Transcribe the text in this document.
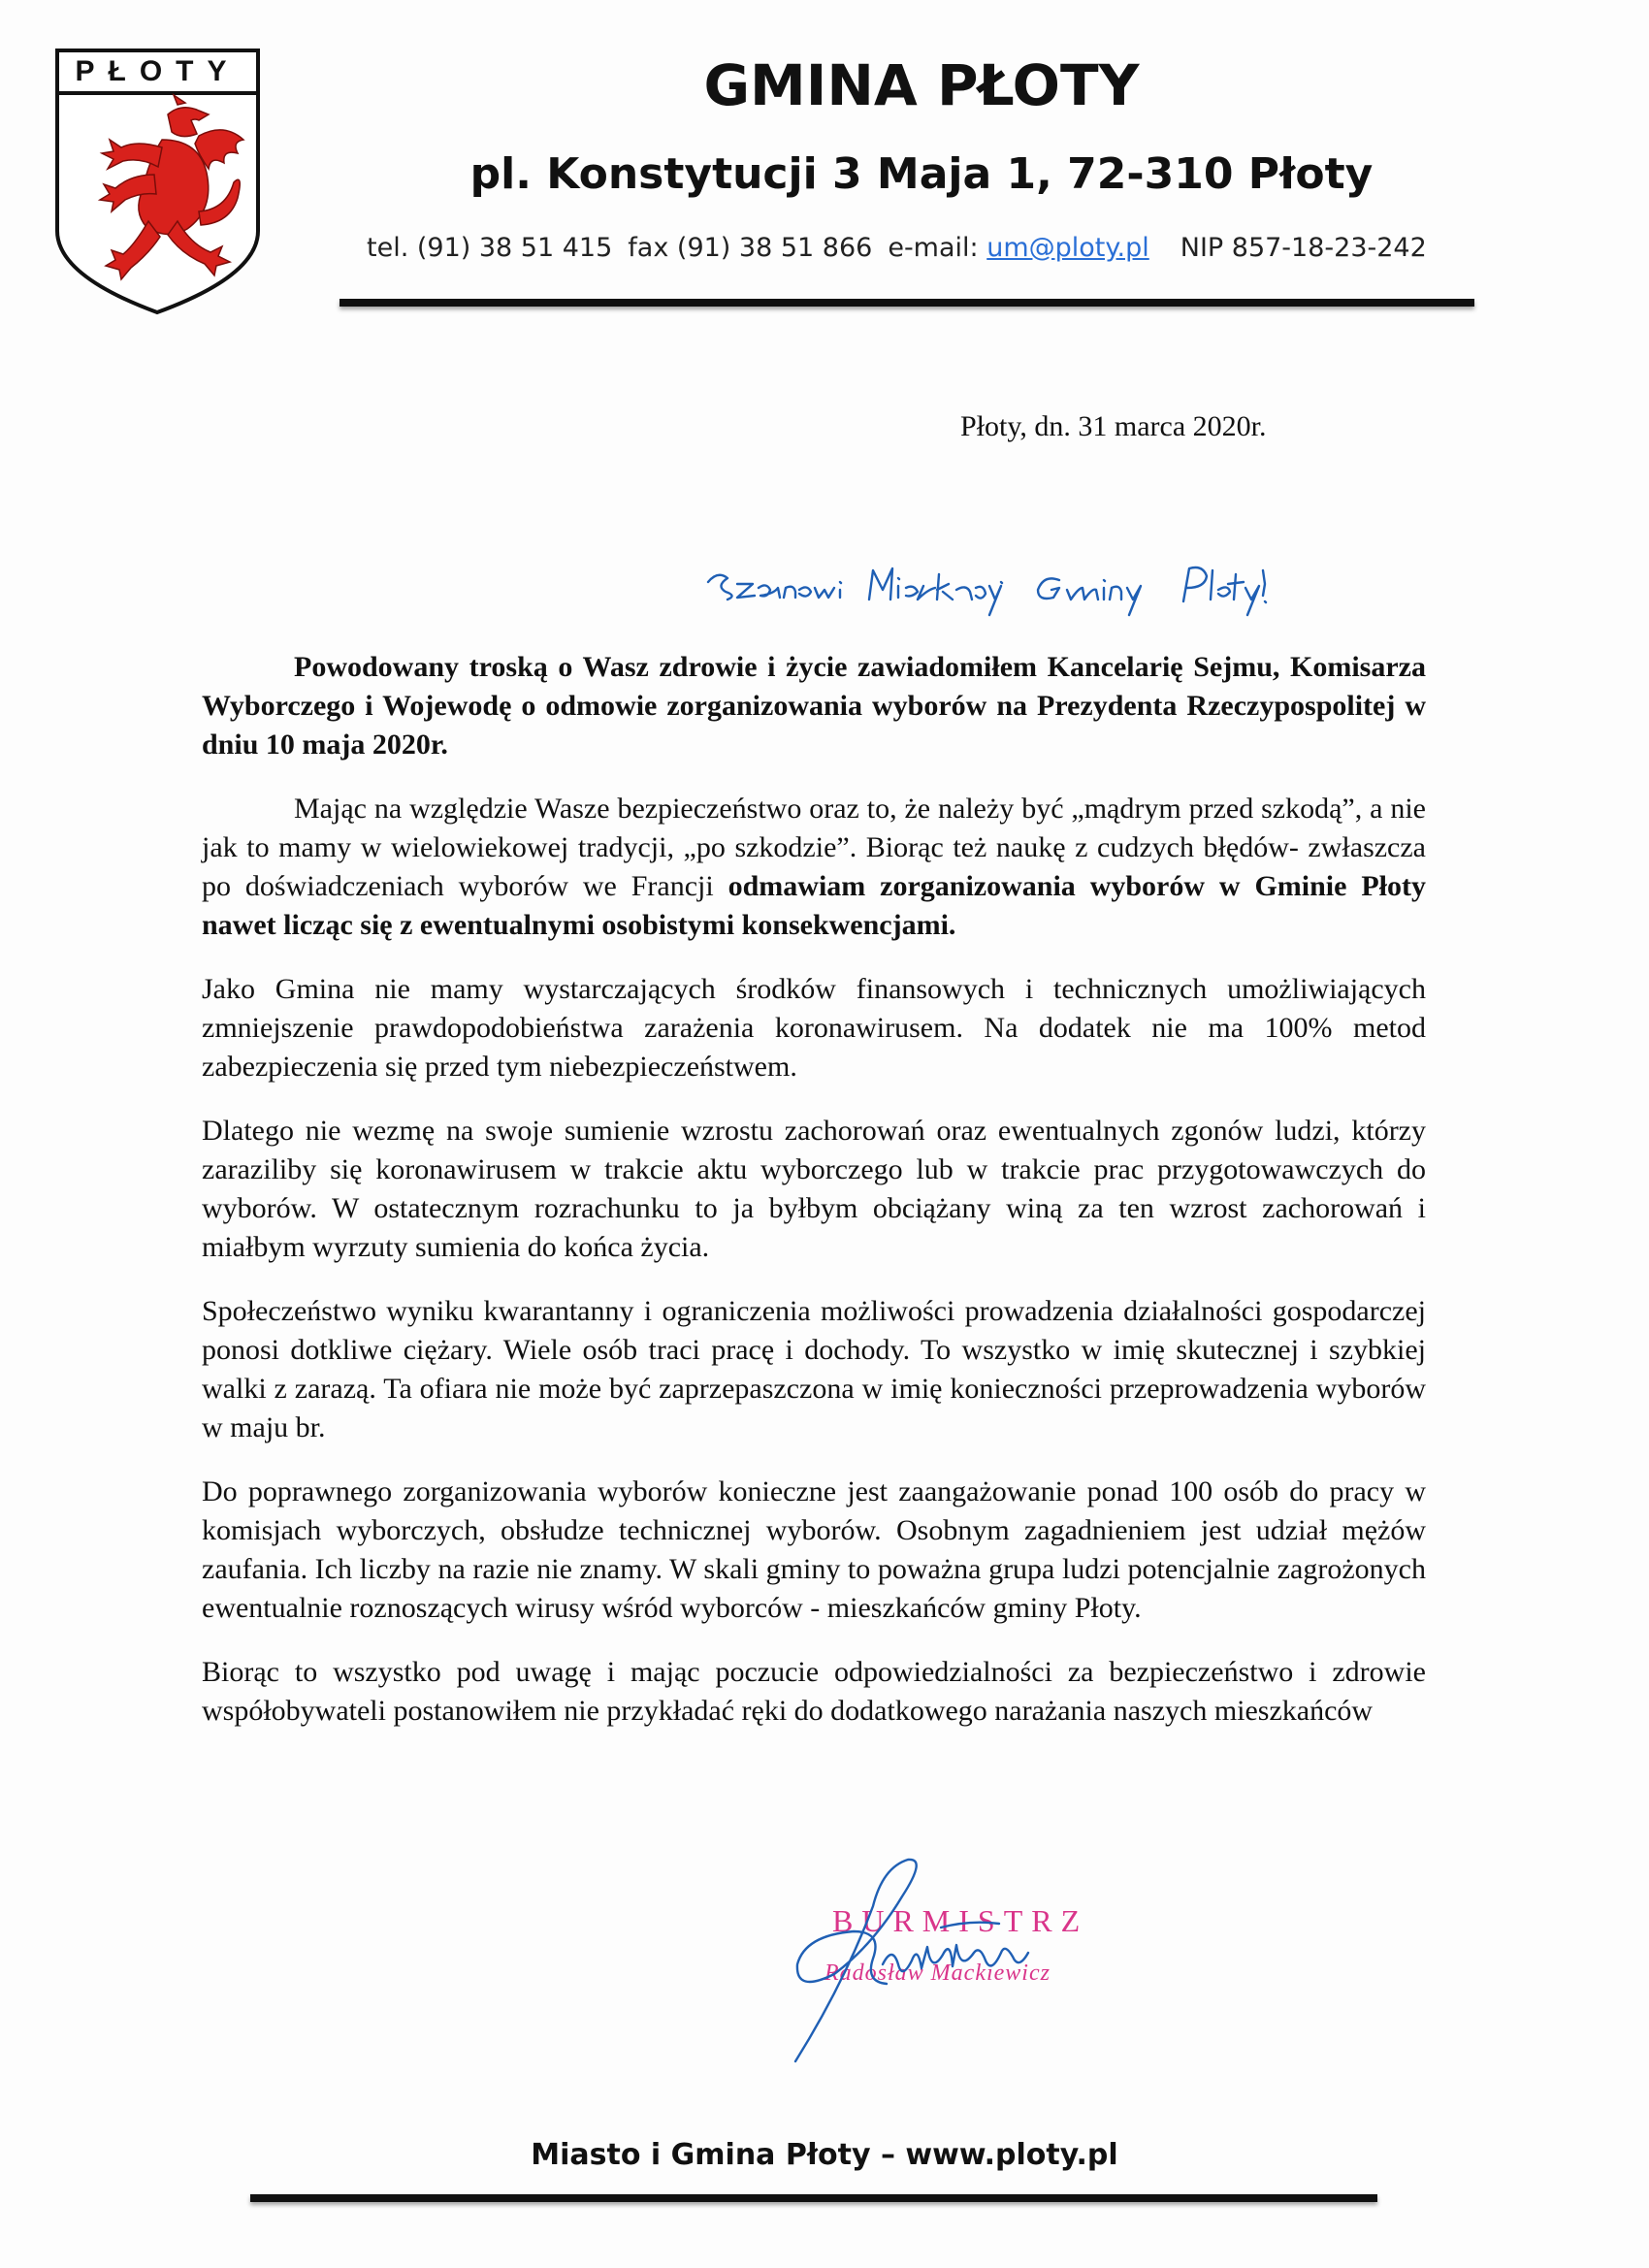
PŁOTY	GMINA PŁOTY
pl. Konstytucji 3 Maja 1, 72-310 Płoty
tel. (91) 38 51 415 fax (91) 38 51 866 e-mail: um@ploty.pl NIP 857-18-23-242
Płoty, dn. 31 marca 2020r.

Powodowany troską o Wasz zdrowie i życie zawiadomiłem Kancelarię Sejmu, Komisarza Wyborczego i Wojewodę o odmowie zorganizowania wyborów na Prezydenta Rzeczypospolitej w dniu 10 maja 2020r.

Mając na względzie Wasze bezpieczeństwo oraz to, że należy być „mądrym przed szkodą”, a nie jak to mamy w wielowiekowej tradycji, „po szkodzie”. Biorąc też naukę z cudzych błędów- zwłaszcza po doświadczeniach wyborów we Francji odmawiam zorganizowania wyborów w Gminie Płoty nawet licząc się z ewentualnymi osobistymi konsekwencjami.

Jako Gmina nie mamy wystarczających środków finansowych i technicznych umożliwiających zmniejszenie prawdopodobieństwa zarażenia koronawirusem. Na dodatek nie ma 100% metod zabezpieczenia się przed tym niebezpieczeństwem.

Dlatego nie wezmę na swoje sumienie wzrostu zachorowań oraz ewentualnych zgonów ludzi, którzy zaraziliby się koronawirusem w trakcie aktu wyborczego lub w trakcie prac przygotowawczych do wyborów. W ostatecznym rozrachunku to ja byłbym obciążany winą za ten wzrost zachorowań i miałbym wyrzuty sumienia do końca życia.

Społeczeństwo wyniku kwarantanny i ograniczenia możliwości prowadzenia działalności gospodarczej ponosi dotkliwe ciężary. Wiele osób traci pracę i dochody. To wszystko w imię skutecznej i szybkiej walki z zarazą. Ta ofiara nie może być zaprzepaszczona w imię konieczności przeprowadzenia wyborów w maju br.

Do poprawnego zorganizowania wyborów konieczne jest zaangażowanie ponad 100 osób do pracy w komisjach wyborczych, obsłudze technicznej wyborów. Osobnym zagadnieniem jest udział mężów zaufania. Ich liczby na razie nie znamy. W skali gminy to poważna grupa ludzi potencjalnie zagrożonych ewentualnie roznoszących wirusy wśród wyborców - mieszkańców gminy Płoty.

Biorąc to wszystko pod uwagę i mając poczucie odpowiedzialności za bezpieczeństwo i zdrowie współobywateli postanowiłem nie przykładać ręki do dodatkowego narażania naszych mieszkańców

BURMISTRZ
Radosław Mackiewicz
Miasto i Gmina Płoty – www.ploty.pl
